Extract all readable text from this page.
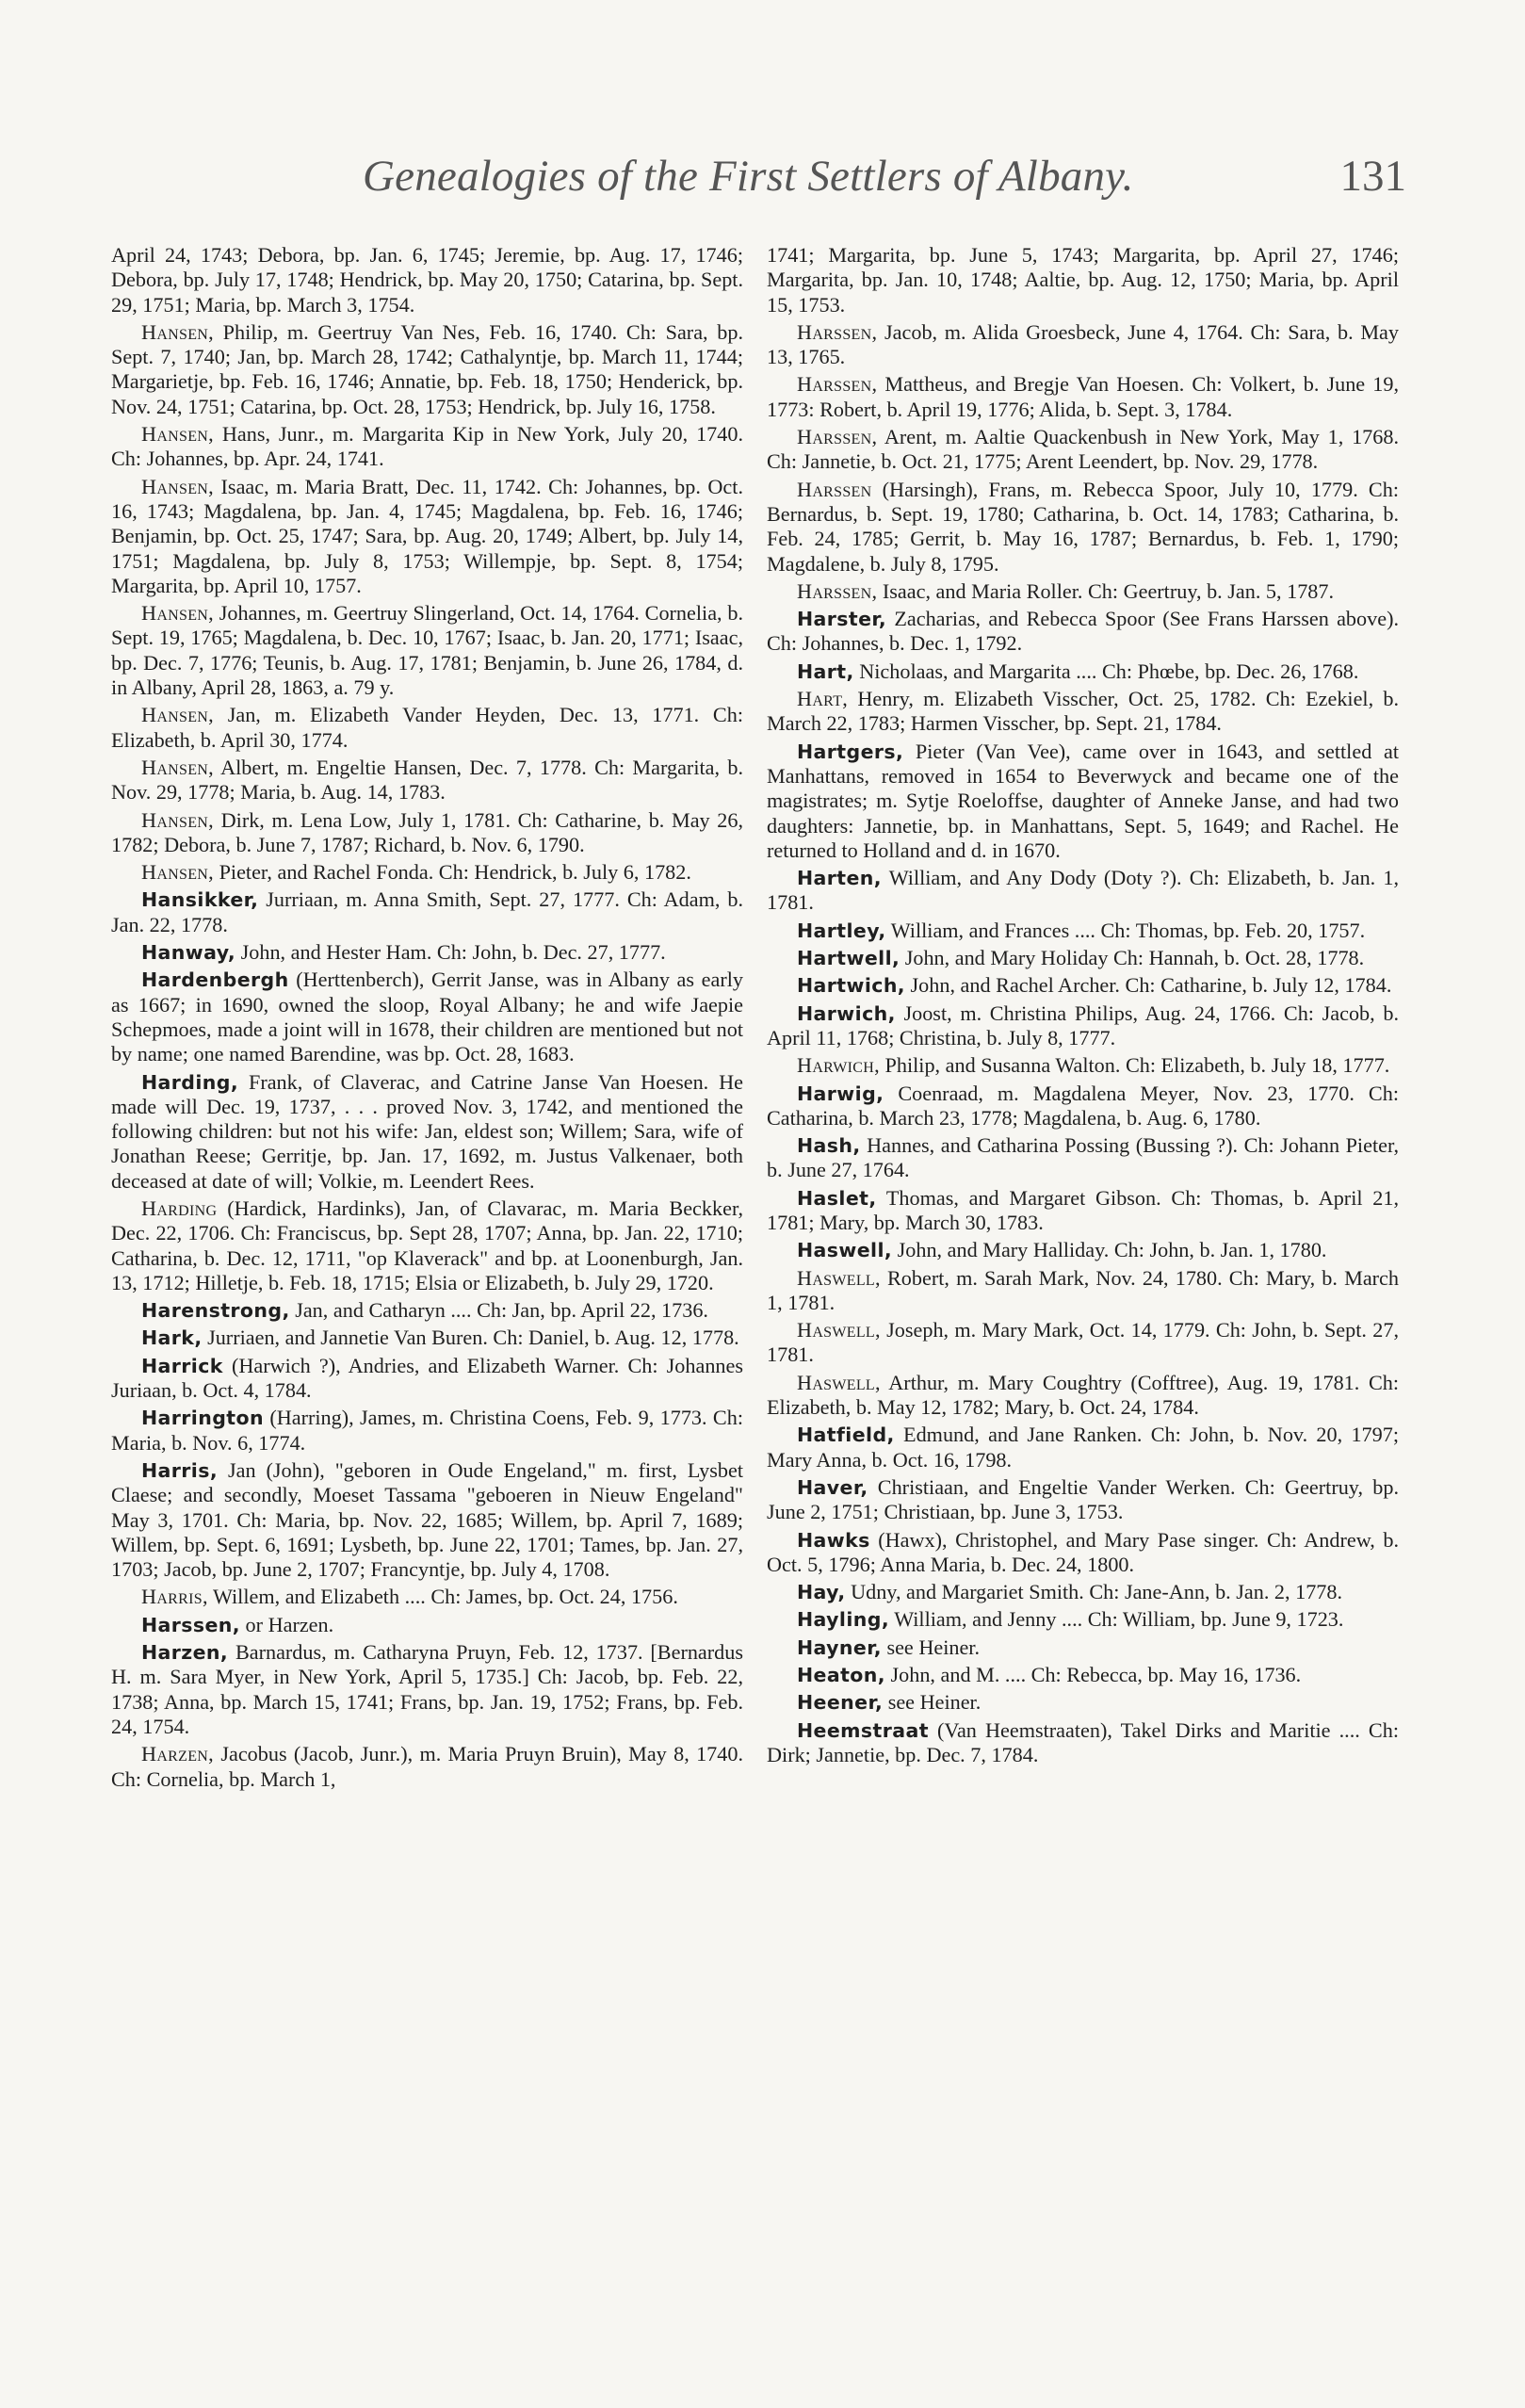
Genealogies of the First Settlers of Albany.	131

April 24, 1743; Debora, bp. Jan. 6, 1745; Jeremie, bp. Aug. 17, 1746; Debora, bp. July 17, 1748; Hendrick, bp. May 20, 1750; Catarina, bp. Sept. 29, 1751; Maria, bp. March 3, 1754.

Hansen, Philip, m. Geertruy Van Nes, Feb. 16, 1740. Ch: Sara, bp. Sept. 7, 1740; Jan, bp. March 28, 1742; Cathalyntje, bp. March 11, 1744; Margarietje, bp. Feb. 16, 1746; Annatie, bp. Feb. 18, 1750; Henderick, bp. Nov. 24, 1751; Catarina, bp. Oct. 28, 1753; Hendrick, bp. July 16, 1758.

Hansen, Hans, Junr., m. Margarita Kip in New York, July 20, 1740. Ch: Johannes, bp. Apr. 24, 1741.

Hansen, Isaac, m. Maria Bratt, Dec. 11, 1742. Ch: Johannes, bp. Oct. 16, 1743; Magdalena, bp. Jan. 4, 1745; Magdalena, bp. Feb. 16, 1746; Benjamin, bp. Oct. 25, 1747; Sara, bp. Aug. 20, 1749; Albert, bp. July 14, 1751; Magdalena, bp. July 8, 1753; Willempje, bp. Sept. 8, 1754; Margarita, bp. April 10, 1757.

Hansen, Johannes, m. Geertruy Slingerland, Oct. 14, 1764. Cornelia, b. Sept. 19, 1765; Magdalena, b. Dec. 10, 1767; Isaac, b. Jan. 20, 1771; Isaac, bp. Dec. 7, 1776; Teunis, b. Aug. 17, 1781; Benjamin, b. June 26, 1784, d. in Albany, April 28, 1863, a. 79 y.

Hansen, Jan, m. Elizabeth Vander Heyden, Dec. 13, 1771. Ch: Elizabeth, b. April 30, 1774.

Hansen, Albert, m. Engeltie Hansen, Dec. 7, 1778. Ch: Margarita, b. Nov. 29, 1778; Maria, b. Aug. 14, 1783.

Hansen, Dirk, m. Lena Low, July 1, 1781. Ch: Catharine, b. May 26, 1782; Debora, b. June 7, 1787; Richard, b. Nov. 6, 1790.

Hansen, Pieter, and Rachel Fonda. Ch: Hendrick, b. July 6, 1782.

Hansikker, Jurriaan, m. Anna Smith, Sept. 27, 1777. Ch: Adam, b. Jan. 22, 1778.

Hanway, John, and Hester Ham. Ch: John, b. Dec. 27, 1777.

Hardenbergh (Herttenberch), Gerrit Janse, was in Albany as early as 1667; in 1690, owned the sloop, Royal Albany; he and wife Jaepie Schepmoes, made a joint will in 1678, their children are mentioned but not by name; one named Barendine, was bp. Oct. 28, 1683.

Harding, Frank, of Claverac, and Catrine Janse Van Hoesen. He made will Dec. 19, 1737, . . . proved Nov. 3, 1742, and mentioned the following children: but not his wife: Jan, eldest son; Willem; Sara, wife of Jonathan Reese; Gerritje, bp. Jan. 17, 1692, m. Justus Valkenaer, both deceased at date of will; Volkie, m. Leendert Rees.

Harding (Hardick, Hardinks), Jan, of Clavarac, m. Maria Beckker, Dec. 22, 1706. Ch: Franciscus, bp. Sept 28, 1707; Anna, bp. Jan. 22, 1710; Catharina, b. Dec. 12, 1711, "op Klaverack" and bp. at Loonenburgh, Jan. 13, 1712; Hilletje, b. Feb. 18, 1715; Elsia or Elizabeth, b. July 29, 1720.

Harenstrong, Jan, and Catharyn .... Ch: Jan, bp. April 22, 1736.

Hark, Jurriaen, and Jannetie Van Buren. Ch: Daniel, b. Aug. 12, 1778.

Harrick (Harwich ?), Andries, and Elizabeth Warner. Ch: Johannes Juriaan, b. Oct. 4, 1784.

Harrington (Harring), James, m. Christina Coens, Feb. 9, 1773. Ch: Maria, b. Nov. 6, 1774.

Harris, Jan (John), "geboren in Oude Engeland," m. first, Lysbet Claese; and secondly, Moeset Tassama "geboeren in Nieuw Engeland" May 3, 1701. Ch: Maria, bp. Nov. 22, 1685; Willem, bp. April 7, 1689; Willem, bp. Sept. 6, 1691; Lysbeth, bp. June 22, 1701; Tames, bp. Jan. 27, 1703; Jacob, bp. June 2, 1707; Francyntje, bp. July 4, 1708.

Harris, Willem, and Elizabeth .... Ch: James, bp. Oct. 24, 1756.

Harssen, or Harzen.

Harzen, Barnardus, m. Catharyna Pruyn, Feb. 12, 1737. [Bernardus H. m. Sara Myer, in New York, April 5, 1735.] Ch: Jacob, bp. Feb. 22, 1738; Anna, bp. March 15, 1741; Frans, bp. Jan. 19, 1752; Frans, bp. Feb. 24, 1754.

Harzen, Jacobus (Jacob, Junr.), m. Maria Pruyn Bruin), May 8, 1740. Ch: Cornelia, bp. March 1,

1741; Margarita, bp. June 5, 1743; Margarita, bp. April 27, 1746; Margarita, bp. Jan. 10, 1748; Aaltie, bp. Aug. 12, 1750; Maria, bp. April 15, 1753.

Harssen, Jacob, m. Alida Groesbeck, June 4, 1764. Ch: Sara, b. May 13, 1765.

Harssen, Mattheus, and Bregje Van Hoesen. Ch: Volkert, b. June 19, 1773: Robert, b. April 19, 1776; Alida, b. Sept. 3, 1784.

Harssen, Arent, m. Aaltie Quackenbush in New York, May 1, 1768. Ch: Jannetie, b. Oct. 21, 1775; Arent Leendert, bp. Nov. 29, 1778.

Harssen (Harsingh), Frans, m. Rebecca Spoor, July 10, 1779. Ch: Bernardus, b. Sept. 19, 1780; Catharina, b. Oct. 14, 1783; Catharina, b. Feb. 24, 1785; Gerrit, b. May 16, 1787; Bernardus, b. Feb. 1, 1790; Magdalene, b. July 8, 1795.

Harssen, Isaac, and Maria Roller. Ch: Geertruy, b. Jan. 5, 1787.

Harster, Zacharias, and Rebecca Spoor (See Frans Harssen above). Ch: Johannes, b. Dec. 1, 1792.

Hart, Nicholaas, and Margarita .... Ch: Phœbe, bp. Dec. 26, 1768.

Hart, Henry, m. Elizabeth Visscher, Oct. 25, 1782. Ch: Ezekiel, b. March 22, 1783; Harmen Visscher, bp. Sept. 21, 1784.

Hartgers, Pieter (Van Vee), came over in 1643, and settled at Manhattans, removed in 1654 to Beverwyck and became one of the magistrates; m. Sytje Roeloffse, daughter of Anneke Janse, and had two daughters: Jannetie, bp. in Manhattans, Sept. 5, 1649; and Rachel. He returned to Holland and d. in 1670.

Harten, William, and Any Dody (Doty ?). Ch: Elizabeth, b. Jan. 1, 1781.

Hartley, William, and Frances .... Ch: Thomas, bp. Feb. 20, 1757.

Hartwell, John, and Mary Holiday Ch: Hannah, b. Oct. 28, 1778.

Hartwich, John, and Rachel Archer. Ch: Catharine, b. July 12, 1784.

Harwich, Joost, m. Christina Philips, Aug. 24, 1766. Ch: Jacob, b. April 11, 1768; Christina, b. July 8, 1777.

Harwich, Philip, and Susanna Walton. Ch: Elizabeth, b. July 18, 1777.

Harwig, Coenraad, m. Magdalena Meyer, Nov. 23, 1770. Ch: Catharina, b. March 23, 1778; Magdalena, b. Aug. 6, 1780.

Hash, Hannes, and Catharina Possing (Bussing ?). Ch: Johann Pieter, b. June 27, 1764.

Haslet, Thomas, and Margaret Gibson. Ch: Thomas, b. April 21, 1781; Mary, bp. March 30, 1783.

Haswell, John, and Mary Halliday. Ch: John, b. Jan. 1, 1780.

Haswell, Robert, m. Sarah Mark, Nov. 24, 1780. Ch: Mary, b. March 1, 1781.

Haswell, Joseph, m. Mary Mark, Oct. 14, 1779. Ch: John, b. Sept. 27, 1781.

Haswell, Arthur, m. Mary Coughtry (Cofftree), Aug. 19, 1781. Ch: Elizabeth, b. May 12, 1782; Mary, b. Oct. 24, 1784.

Hatfield, Edmund, and Jane Ranken. Ch: John, b. Nov. 20, 1797; Mary Anna, b. Oct. 16, 1798.

Haver, Christiaan, and Engeltie Vander Werken. Ch: Geertruy, bp. June 2, 1751; Christiaan, bp. June 3, 1753.

Hawks (Hawx), Christophel, and Mary Pase singer. Ch: Andrew, b. Oct. 5, 1796; Anna Maria, b. Dec. 24, 1800.

Hay, Udny, and Margariet Smith. Ch: Jane-Ann, b. Jan. 2, 1778.

Hayling, William, and Jenny .... Ch: William, bp. June 9, 1723.

Hayner, see Heiner.

Heaton, John, and M. .... Ch: Rebecca, bp. May 16, 1736.

Heener, see Heiner.

Heemstraat (Van Heemstraaten), Takel Dirks and Maritie .... Ch: Dirk; Jannetie, bp. Dec. 7, 1784.
